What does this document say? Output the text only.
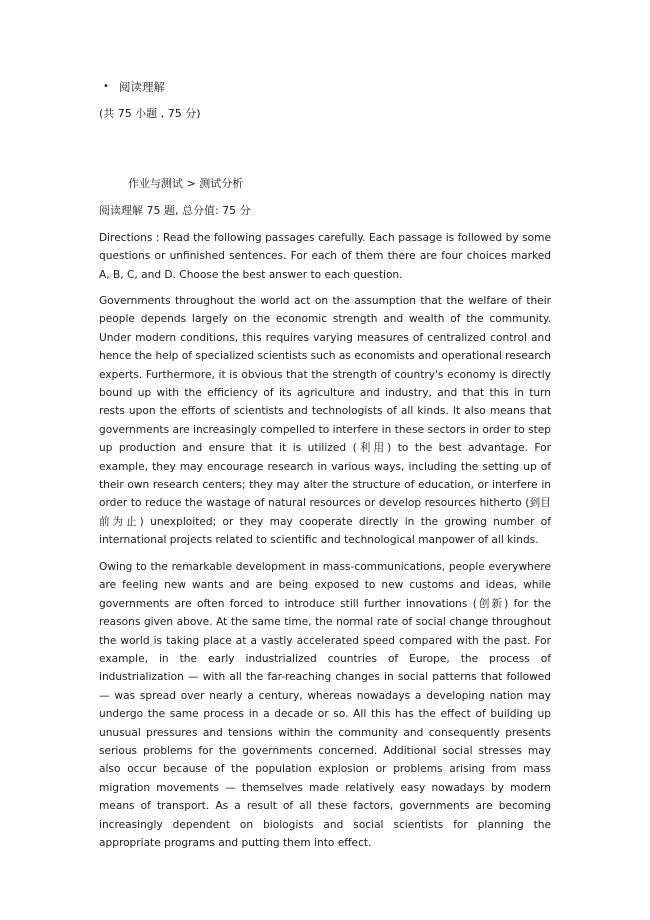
• 阅读理解
(共 75 小题 , 75 分)
作业与测试 > 测试分析
阅读理解 75 题, 总分值: 75 分

Directions : Read the following passages carefully. Each passage is followed by some questions or unfinished sentences. For each of them there are four choices marked A, B, C, and D. Choose the best answer to each question.

Governments throughout the world act on the assumption that the welfare of their people depends largely on the economic strength and wealth of the community. Under modern conditions, this requires varying measures of centralized control and hence the help of specialized scientists such as economists and operational research experts. Furthermore, it is obvious that the strength of country's economy is directly bound up with the efficiency of its agriculture and industry, and that this in turn rests upon the efforts of scientists and technologists of all kinds. It also means that governments are increasingly compelled to interfere in these sectors in order to step up production and ensure that it is utilized (利用) to the best advantage. For example, they may encourage research in various ways, including the setting up of their own research centers; they may alter the structure of education, or interfere in order to reduce the wastage of natural resources or develop resources hitherto (到目前为止) unexploited; or they may cooperate directly in the growing number of international projects related to scientific and technological manpower of all kinds.

Owing to the remarkable development in mass-communications, people everywhere are feeling new wants and are being exposed to new customs and ideas, while governments are often forced to introduce still further innovations (创新) for the reasons given above. At the same time, the normal rate of social change throughout the world is taking place at a vastly accelerated speed compared with the past. For example, in the early industrialized countries of Europe, the process of industrialization — with all the far-reaching changes in social patterns that followed — was spread over nearly a century, whereas nowadays a developing nation may undergo the same process in a decade or so. All this has the effect of building up unusual pressures and tensions within the community and consequently presents serious problems for the governments concerned. Additional social stresses may also occur because of the population explosion or problems arising from mass migration movements — themselves made relatively easy nowadays by modern means of transport. As a result of all these factors, governments are becoming increasingly dependent on biologists and social scientists for planning the appropriate programs and putting them into effect.
